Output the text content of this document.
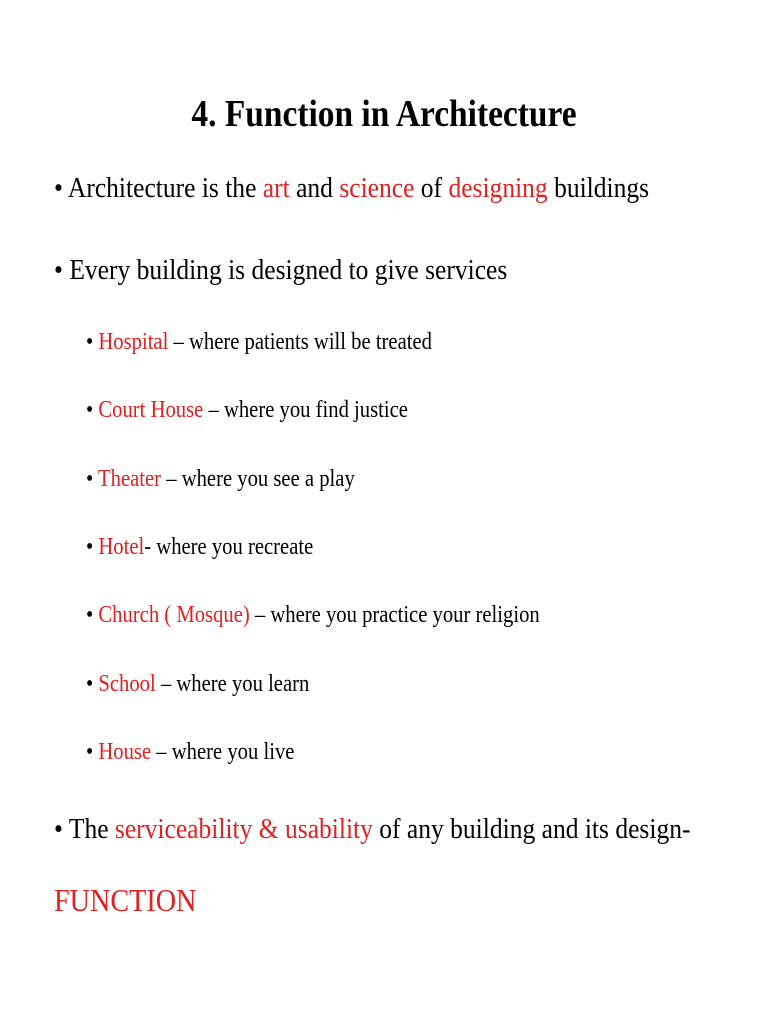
4. Function in Architecture
• Architecture is the art and science of designing buildings
• Every building is designed to give services
• Hospital – where patients will be treated
• Court House – where you find justice
• Theater – where you see a play
• Hotel- where you recreate
• Church ( Mosque) – where you practice your religion
• School – where you learn
• House – where you live
• The serviceability & usability of any building and its design-
FUNCTION
